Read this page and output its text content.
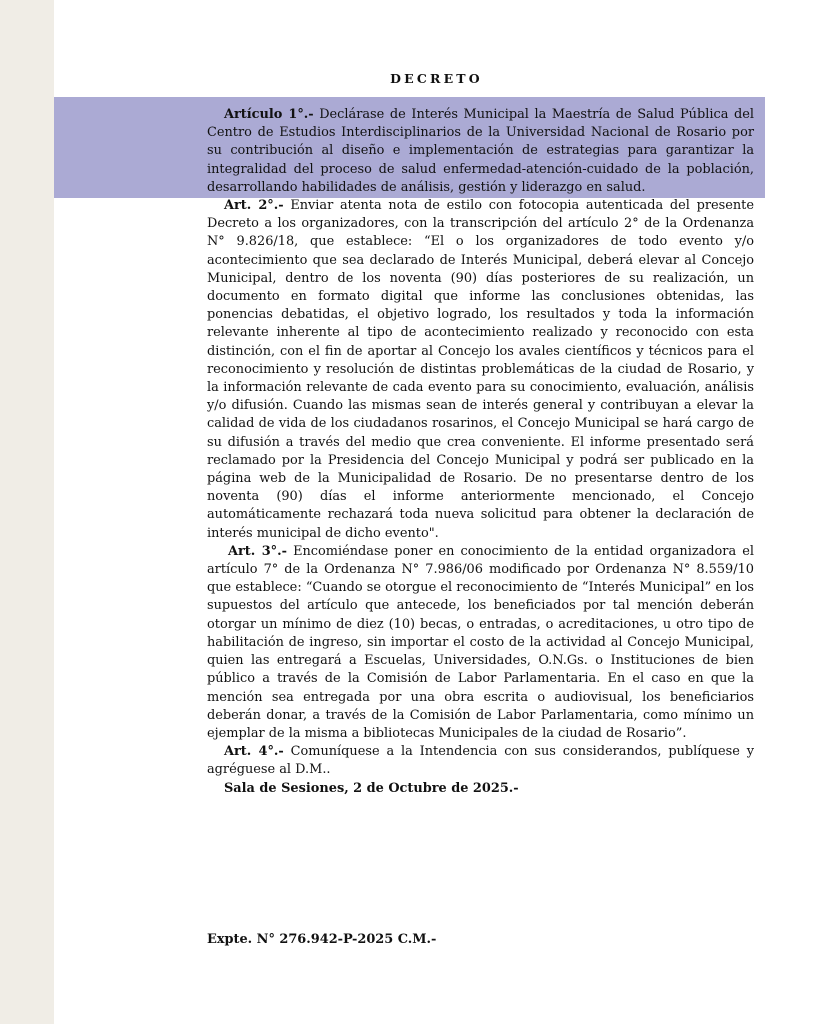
DECRETO

Artículo 1°.- Declárase de Interés Municipal la Maestría de Salud Pública del Centro de Estudios Interdisciplinarios de la Universidad Nacional de Rosario por su contribución al diseño e implementación de estrategias para garantizar la integralidad del proceso de salud enfermedad-atención-cuidado de la población, desarrollando habilidades de análisis, gestión y liderazgo en salud.

Art. 2°.- Enviar atenta nota de estilo con fotocopia autenticada del presente Decreto a los organizadores, con la transcripción del artículo 2° de la Ordenanza N° 9.826/18, que establece: “El o los organizadores de todo evento y/o acontecimiento que sea declarado de Interés Municipal, deberá elevar al Concejo Municipal, dentro de los noventa (90) días posteriores de su realización, un documento en formato digital que informe las conclusiones obtenidas, las ponencias debatidas, el objetivo logrado, los resultados y toda la información relevante inherente al tipo de acontecimiento realizado y reconocido con esta distinción, con el fin de aportar al Concejo los avales científicos y técnicos para el reconocimiento y resolución de distintas problemáticas de la ciudad de Rosario, y la información relevante de cada evento para su conocimiento, evaluación, análisis y/o difusión. Cuando las mismas sean de interés general y contribuyan a elevar la calidad de vida de los ciudadanos rosarinos, el Concejo Municipal se hará cargo de su difusión a través del medio que crea conveniente. El informe presentado será reclamado por la Presidencia del Concejo Municipal y podrá ser publicado en la página web de la Municipalidad de Rosario. De no presentarse dentro de los noventa (90) días el informe anteriormente mencionado, el Concejo automáticamente rechazará toda nueva solicitud para obtener la declaración de interés municipal de dicho evento".

Art. 3°.- Encomiéndase poner en conocimiento de la entidad organizadora el artículo 7° de la Ordenanza N° 7.986/06 modificado por Ordenanza N° 8.559/10 que establece: “Cuando se otorgue el reconocimiento de “Interés Municipal” en los supuestos del artículo que antecede, los beneficiados por tal mención deberán otorgar un mínimo de diez (10) becas, o entradas, o acreditaciones, u otro tipo de habilitación de ingreso, sin importar el costo de la actividad al Concejo Municipal, quien las entregará a Escuelas, Universidades, O.N.Gs. o Instituciones de bien público a través de la Comisión de Labor Parlamentaria. En el caso en que la mención sea entregada por una obra escrita o audiovisual, los beneficiarios deberán donar, a través de la Comisión de Labor Parlamentaria, como mínimo un ejemplar de la misma a bibliotecas Municipales de la ciudad de Rosario”.

Art. 4°.- Comuníquese a la Intendencia con sus considerandos, publíquese y agréguese al D.M..

Sala de Sesiones, 2 de Octubre de 2025.-

Expte. N° 276.942-P-2025 C.M.-
